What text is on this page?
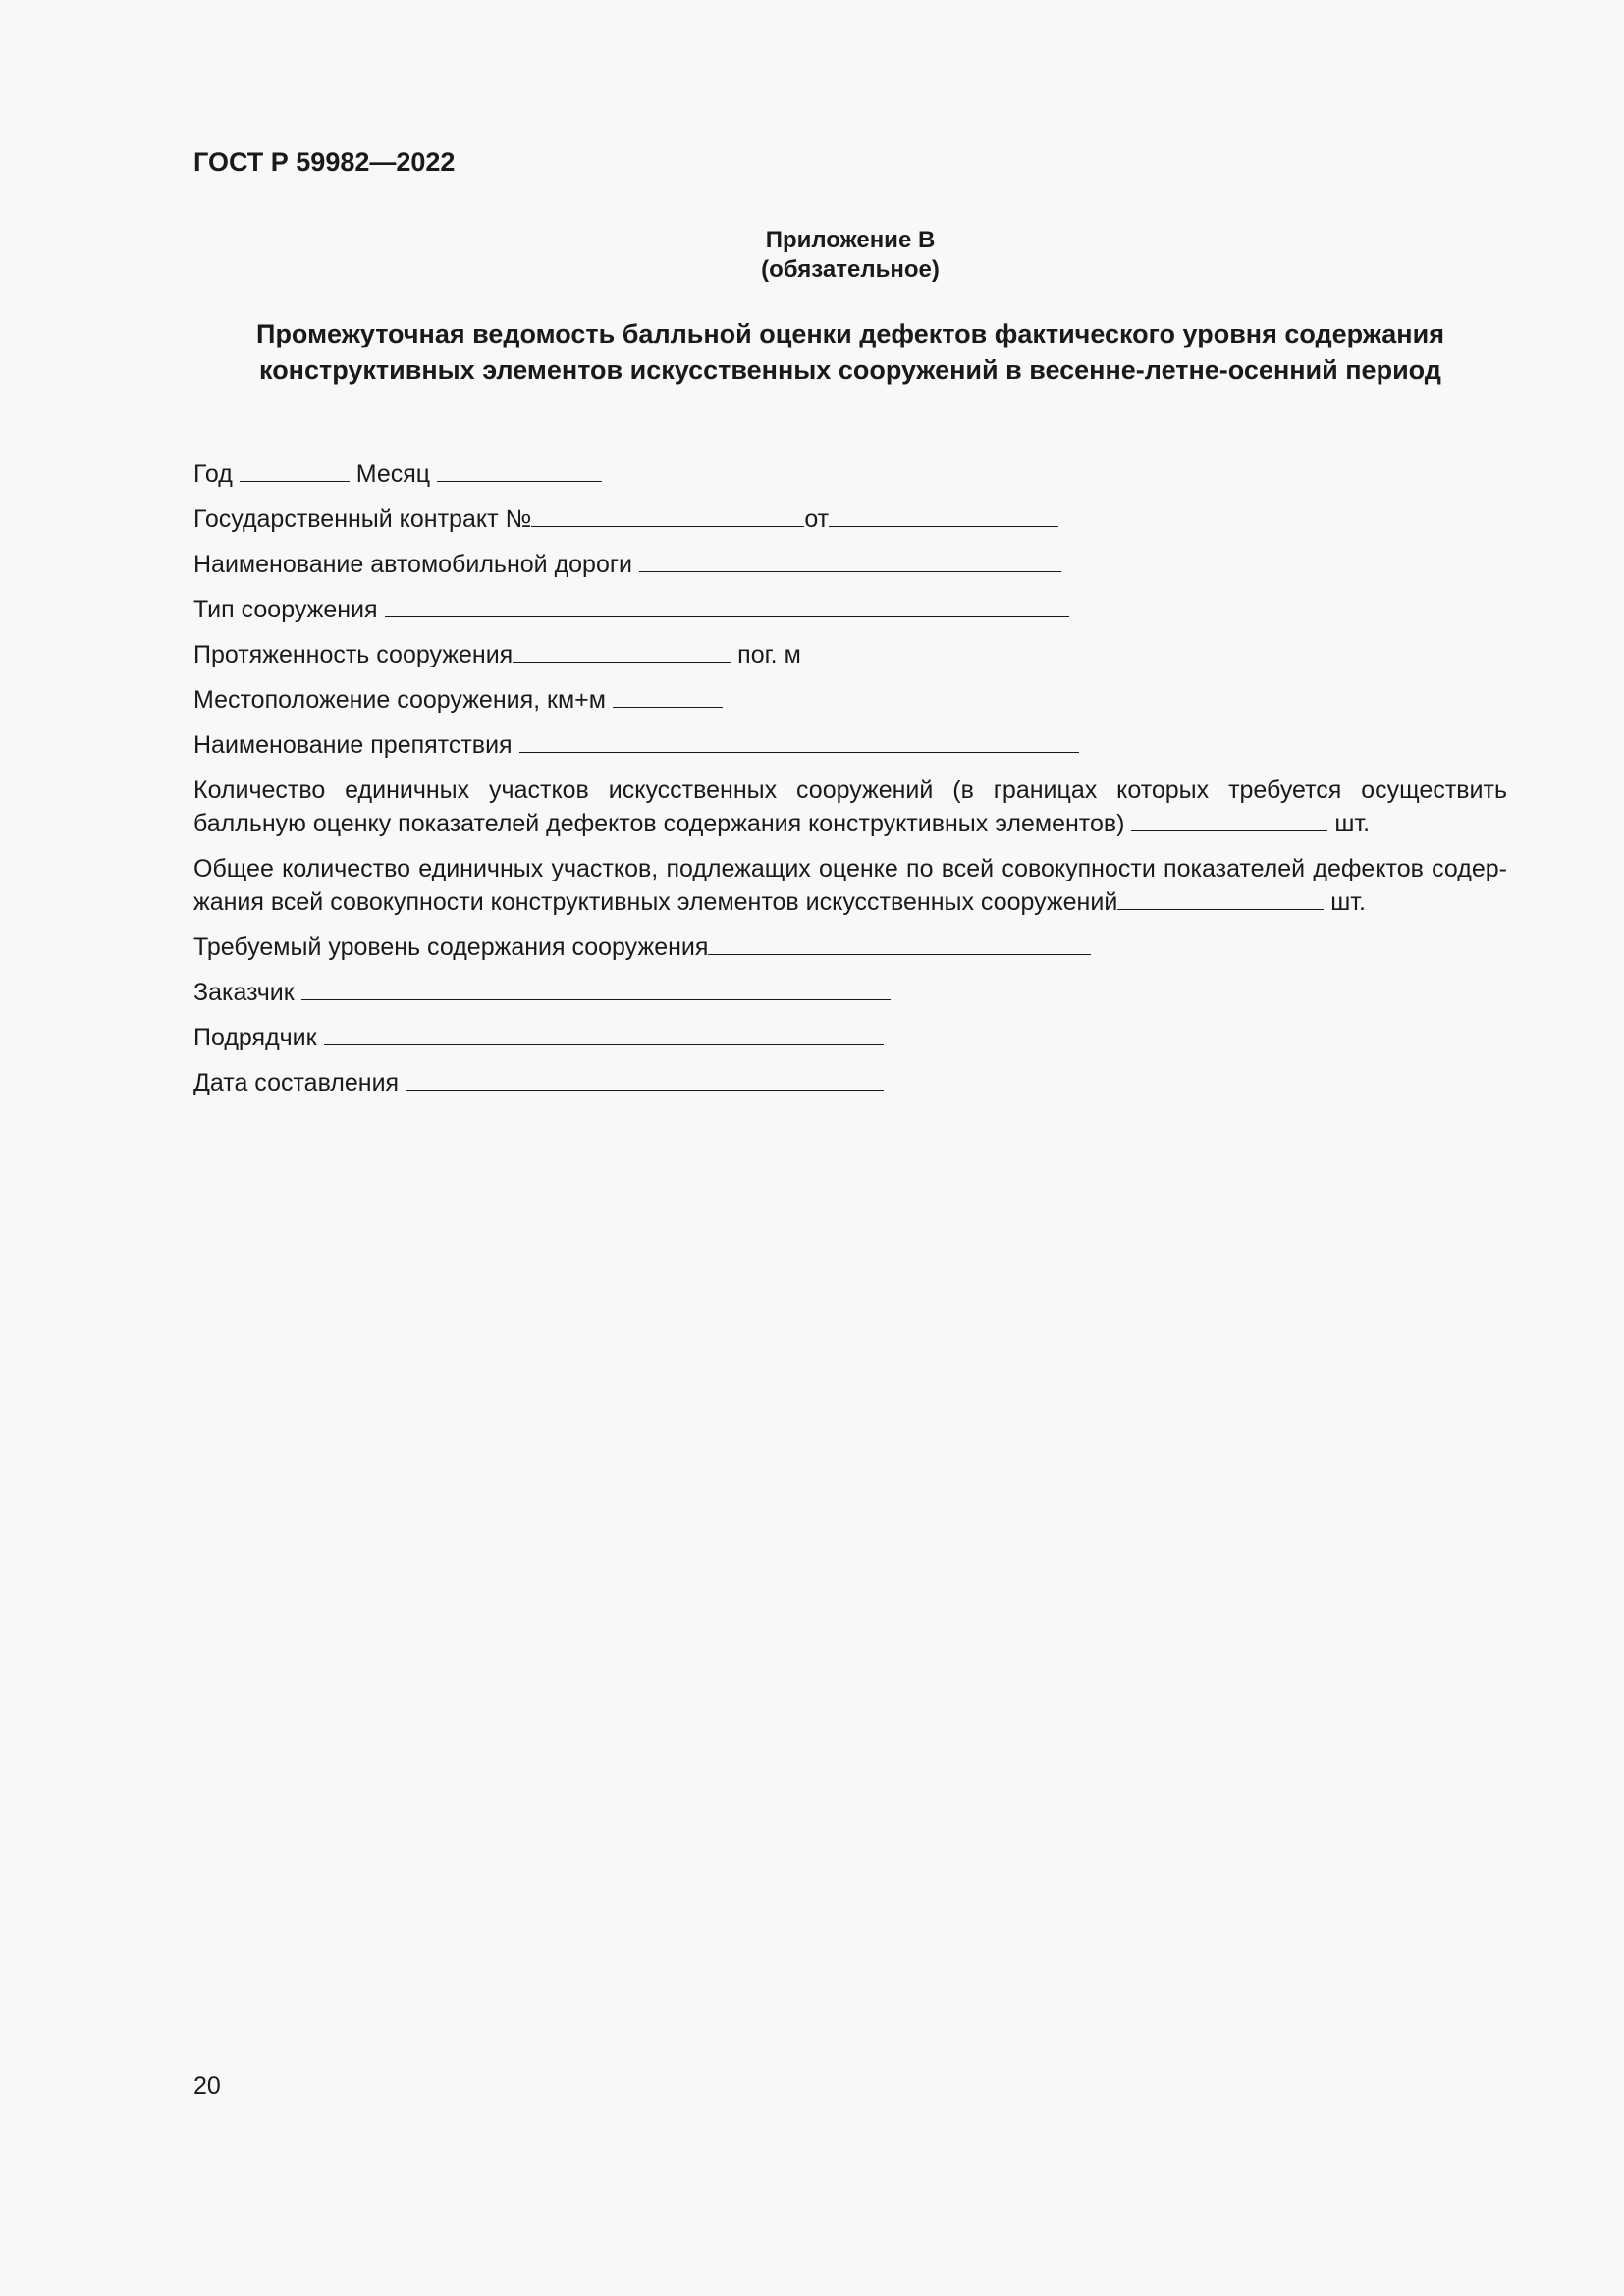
ГОСТ Р 59982—2022
Приложение В
(обязательное)
Промежуточная ведомость балльной оценки дефектов фактического уровня содержания
конструктивных элементов искусственных сооружений в весенне-летне-осенний период
Год	Месяц
Государственный контракт №	от
Наименование автомобильной дороги
Тип сооружения
Протяженность сооружения	пог. м
Местоположение сооружения, км+м
Наименование препятствия
Количество единичных участков искусственных сооружений (в границах которых требуется осуществить балльную оценку показателей дефектов содержания конструктивных элементов)	шт.
Общее количество единичных участков, подлежащих оценке по всей совокупности показателей дефектов содер-жания всей совокупности конструктивных элементов искусственных сооружений	шт.
Требуемый уровень содержания сооружения
Заказчик
Подрядчик
Дата составления
20
